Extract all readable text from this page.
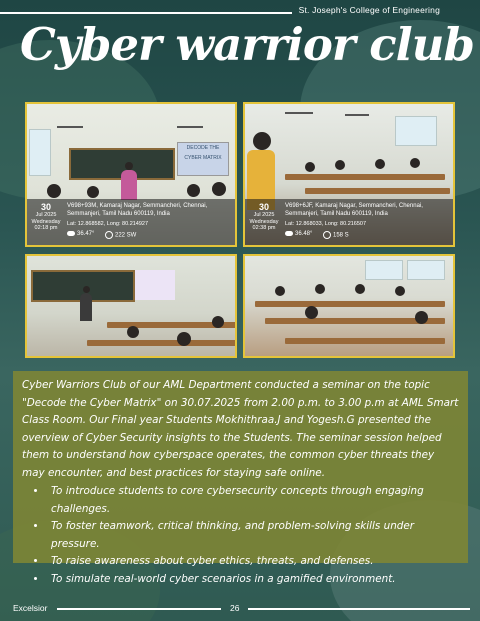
St. Joseph's College of Engineering
Cyber warrior club
DECODE THE CYBER MATRIX
30
Jul 2025
Wednesday
02:18 pm
V698+93M, Kamaraj Nagar, Semmancheri, Chennai, Semmanjeri, Tamil Nadu 600119, India
Lat: 12.868582, Long: 80.214927
36.47°	222 SW
30
Jul 2025
Wednesday
02:38 pm
V698+6JF, Kamaraj Nagar, Semmancheri, Chennai, Semmanjeri, Tamil Nadu 600119, India
Lat: 12.868033, Long: 80.216507
36.48°	158 S

Cyber Warriors Club of our AML Department conducted a seminar on the topic "Decode the Cyber Matrix" on 30.07.2025 from 2.00 p.m. to 3.00 p.m at AML Smart Class Room. Our Final year Students Mokhithraa.J and Yogesh.G presented the overview of Cyber Security insights to the Students. The seminar session helped them to understand how cyberspace operates, the common cyber threats they may encounter, and best practices for staying safe online.

• To introduce students to core cybersecurity concepts through engaging challenges.
• To foster teamwork, critical thinking, and problem-solving skills under pressure.
• To raise awareness about cyber ethics, threats, and defenses.
• To simulate real-world cyber scenarios in a gamified environment.
Excelsior	26
